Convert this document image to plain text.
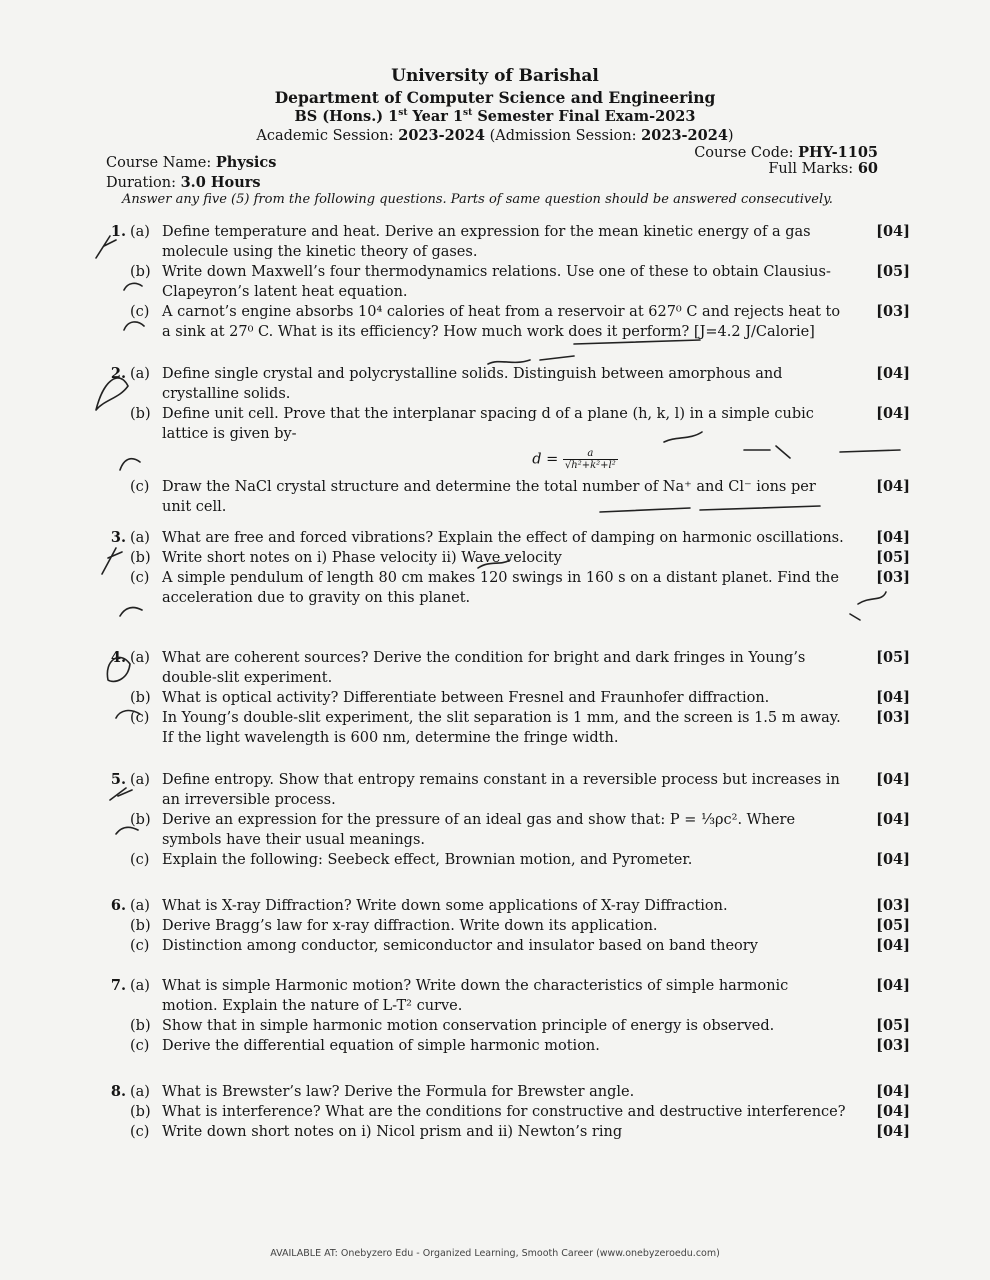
University of Barishal
Department of Computer Science and Engineering
BS (Hons.) 1st Year 1st Semester Final Exam-2023
Academic Session: 2023-2024 (Admission Session: 2023-2024)
Course Name: Physics
Duration: 3.0 Hours
Course Code: PHY-1105
Full Marks: 60
Answer any five (5) from the following questions. Parts of same question should be answered consecutively.
1. (a) Define temperature and heat. Derive an expression for the mean kinetic energy of a gas molecule using the kinetic theory of gases.
[04]
(b) Write down Maxwell’s four thermodynamics relations. Use one of these to obtain Clausius-Clapeyron’s latent heat equation.
[05]
(c) A carnot’s engine absorbs 10⁴ calories of heat from a reservoir at 627⁰ C and rejects heat to a sink at 27⁰ C. What is its efficiency? How much work does it perform? [J=4.2 J/Calorie]
[03]
2. (a) Define single crystal and polycrystalline solids. Distinguish between amorphous and crystalline solids.
[04]
(b) Define unit cell. Prove that the interplanar spacing d of a plane (h, k, l) in a simple cubic lattice is given by-
[04]
$d = \frac{a}{\text{√h²+k²+l²}}$
(c) Draw the NaCl crystal structure and determine the total number of Na⁺ and Cl⁻ ions per unit cell.
[04]
3. (a) What are free and forced vibrations? Explain the effect of damping on harmonic oscillations. [04]
(b) Write short notes on i) Phase velocity ii) Wave velocity	[05]
(c) A simple pendulum of length 80 cm makes 120 swings in 160 s on a distant planet. Find the acceleration due to gravity on this planet.
[03]
4. (a) What are coherent sources? Derive the condition for bright and dark fringes in Young’s double-slit experiment.
[05]
(b) What is optical activity? Differentiate between Fresnel and Fraunhofer diffraction.	[04]
(c) In Young’s double-slit experiment, the slit separation is 1 mm, and the screen is 1.5 m away. If the light wavelength is 600 nm, determine the fringe width.
[03]
5. (a) Define entropy. Show that entropy remains constant in a reversible process but increases in an irreversible process.
[04]
(b) Derive an expression for the pressure of an ideal gas and show that: P = ⅓ρc². Where symbols have their usual meanings.
[04]
(c) Explain the following: Seebeck effect, Brownian motion, and Pyrometer.	[04]
6. (a) What is X-ray Diffraction? Write down some applications of X-ray Diffraction.	[03]
(b) Derive Bragg’s law for x-ray diffraction. Write down its application.	[05]
(c) Distinction among conductor, semiconductor and insulator based on band theory	[04]
7. (a) What is simple Harmonic motion? Write down the characteristics of simple harmonic motion. Explain the nature of L-T² curve.
[04]
(b) Show that in simple harmonic motion conservation principle of energy is observed.	[05]
(c) Derive the differential equation of simple harmonic motion.	[03]
8. (a) What is Brewster’s law? Derive the Formula for Brewster angle.	[04]
(b) What is interference? What are the conditions for constructive and destructive interference? [04]
(c) Write down short notes on i) Nicol prism and ii) Newton’s ring	[04]
AVAILABLE AT: Onebyzero Edu - Organized Learning, Smooth Career (www.onebyzeroedu.com)
